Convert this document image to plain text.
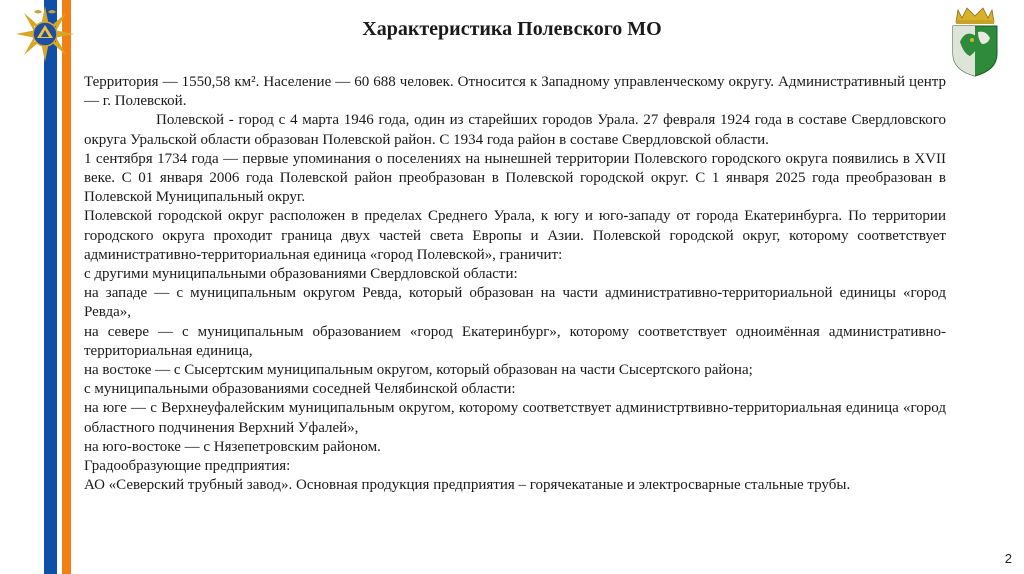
Характеристика Полевского МО

Территория — 1550,58 км². Население — 60 688 человек. Относится к Западному управленческому округу. Административный центр — г. Полевской.

Полевской - город с 4 марта 1946 года, один из старейших городов Урала. 27 февраля 1924 года в составе Свердловского округа Уральской области образован Полевской район. С 1934 года район в составе Свердловской области.

1 сентября 1734 года — первые упоминания о поселениях на нынешней территории Полевского городского округа появились в XVII веке. С 01 января 2006 года Полевской район преобразован в Полевской городской округ. С 1 января 2025 года преобразован в Полевской Муниципальный округ.

Полевской городской округ расположен в пределах Среднего Урала, к югу и юго-западу от города Екатеринбурга. По территории городского округа проходит граница двух частей света Европы и Азии. Полевской городской округ, которому соответствует административно-территориальная единица «город Полевской», граничит:

с другими муниципальными образованиями Свердловской области:

на западе — с муниципальным округом Ревда, который образован на части административно-территориальной единицы «город Ревда»,

на севере — с муниципальным образованием «город Екатеринбург», которому соответствует одноимённая административно-территориальная единица,

на востоке — с Сысертским муниципальным округом, который образован на части Сысертского района;

с муниципальными образованиями соседней Челябинской области:

на юге — с Верхнеуфалейским муниципальным округом, которому соответствует администртвивно-территориальная единица «город областного подчинения Верхний Уфалей»,

на юго-востоке — с Нязепетровским районом.

Градообразующие предприятия:

АО «Северский трубный завод». Основная продукция предприятия – горячекатаные и электросварные стальные трубы.

2
